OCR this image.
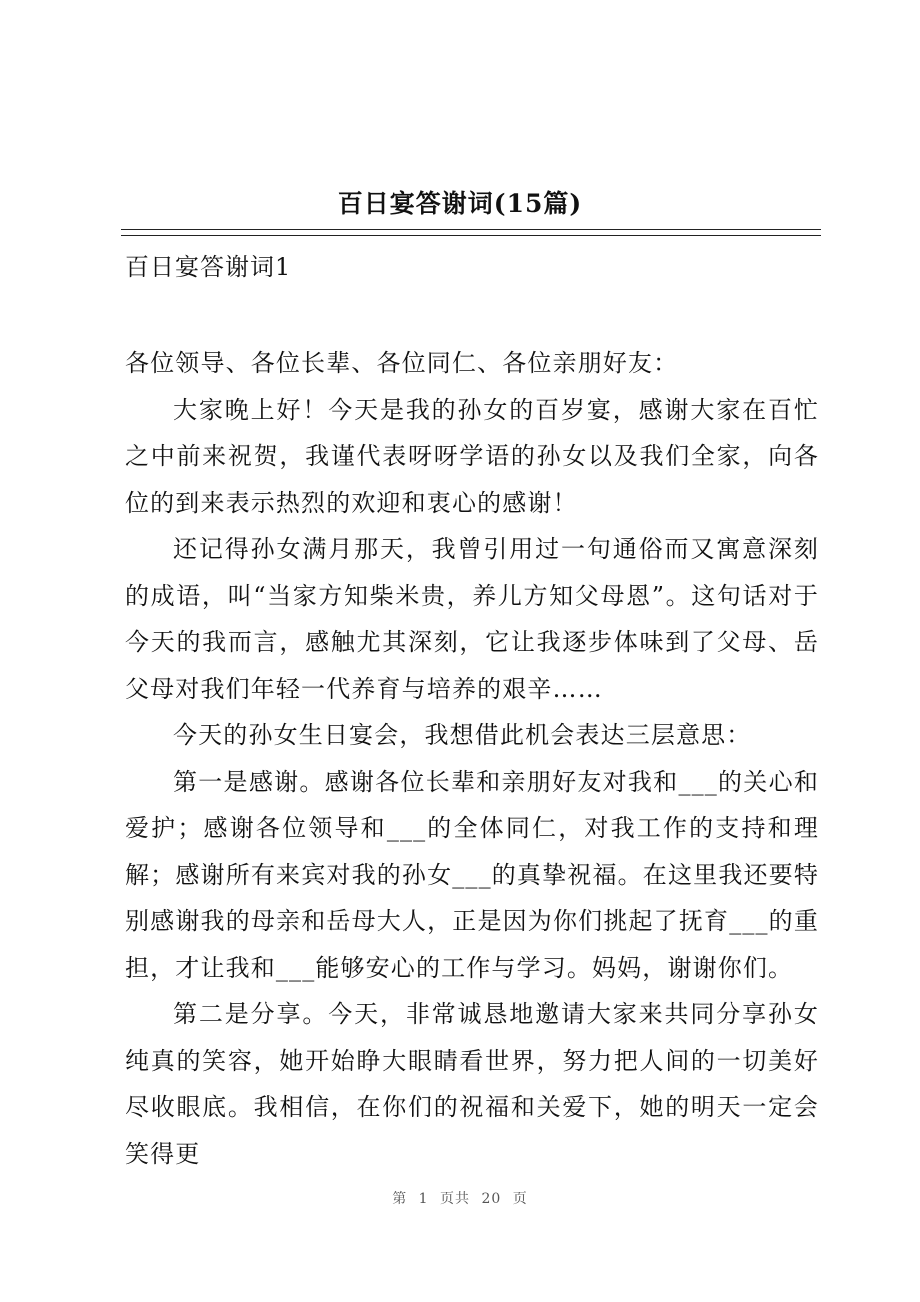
百日宴答谢词(15篇)
百日宴答谢词1

各位领导、各位长辈、各位同仁、各位亲朋好友：

大家晚上好！今天是我的孙女的百岁宴，感谢大家在百忙之中前来祝贺，我谨代表呀呀学语的孙女以及我们全家，向各位的到来表示热烈的欢迎和衷心的感谢！

还记得孙女满月那天，我曾引用过一句通俗而又寓意深刻的成语，叫“当家方知柴米贵，养儿方知父母恩”。这句话对于今天的我而言，感触尤其深刻，它让我逐步体味到了父母、岳父母对我们年轻一代养育与培养的艰辛……

今天的孙女生日宴会，我想借此机会表达三层意思：

第一是感谢。感谢各位长辈和亲朋好友对我和___的关心和爱护；感谢各位领导和___的全体同仁，对我工作的支持和理解；感谢所有来宾对我的孙女___的真挚祝福。在这里我还要特别感谢我的母亲和岳母大人，正是因为你们挑起了抚育___的重担，才让我和___能够安心的工作与学习。妈妈，谢谢你们。

第二是分享。今天，非常诚恳地邀请大家来共同分享孙女纯真的笑容，她开始睁大眼睛看世界，努力把人间的一切美好尽收眼底。我相信，在你们的祝福和关爱下，她的明天一定会笑得更

第 1 页共 20 页
